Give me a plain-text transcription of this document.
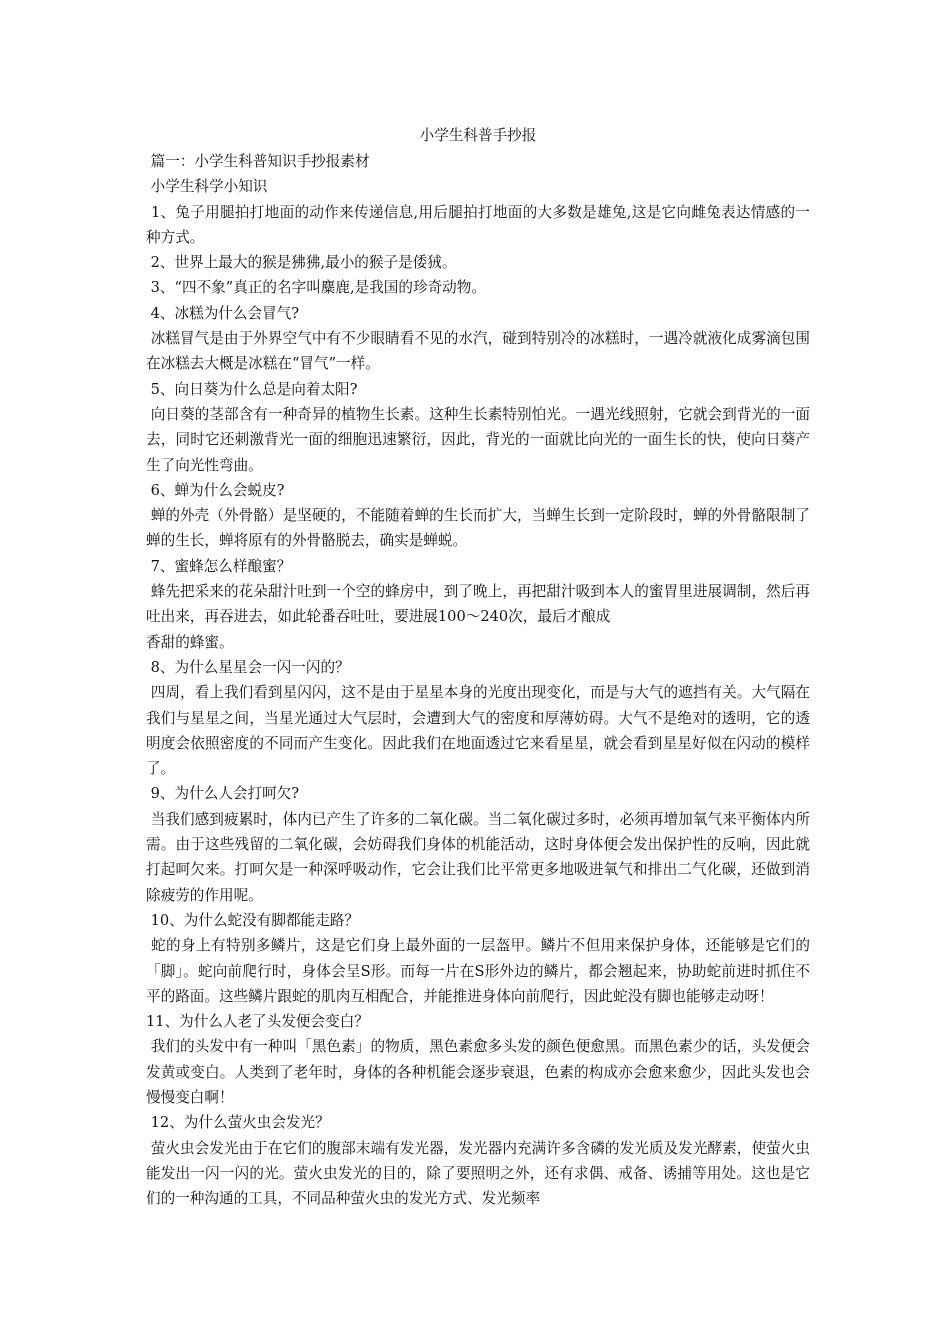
小学生科普手抄报

篇一：小学生科普知识手抄报素材

小学生科学小知识

1、兔子用腿拍打地面的动作来传递信息,用后腿拍打地面的大多数是雄兔,这是它向雌兔表达情感的一种方式。

2、世界上最大的猴是狒狒,最小的猴子是倭狨。

3、“四不象”真正的名字叫麋鹿,是我国的珍奇动物。

4、冰糕为什么会冒气?

冰糕冒气是由于外界空气中有不少眼睛看不见的水汽，碰到特别冷的冰糕时，一遇冷就液化成雾滴包围在冰糕去大概是冰糕在“冒气”一样。

5、向日葵为什么总是向着太阳?

向日葵的茎部含有一种奇异的植物生长素。这种生长素特别怕光。一遇光线照射，它就会到背光的一面去，同时它还刺激背光一面的细胞迅速繁衍，因此，背光的一面就比向光的一面生长的快，使向日葵产生了向光性弯曲。

6、蝉为什么会蜕皮?

蝉的外壳（外骨骼）是坚硬的，不能随着蝉的生长而扩大，当蝉生长到一定阶段时，蝉的外骨骼限制了蝉的生长，蝉将原有的外骨骼脱去，确实是蝉蜕。

7、蜜蜂怎么样酿蜜？

蜂先把采来的花朵甜汁吐到一个空的蜂房中，到了晚上，再把甜汁吸到本人的蜜胃里进展调制，然后再吐出来，再吞进去，如此轮番吞吐吐，要进展100～240次，最后才酿成

香甜的蜂蜜。

8、为什么星星会一闪一闪的？

四周，看上我们看到星闪闪，这不是由于星星本身的光度出现变化，而是与大气的遮挡有关。大气隔在我们与星星之间，当星光通过大气层时，会遭到大气的密度和厚薄妨碍。大气不是绝对的透明，它的透明度会依照密度的不同而产生变化。因此我们在地面透过它来看星星，就会看到星星好似在闪动的模样了。

9、为什么人会打呵欠?

当我们感到疲累时，体内已产生了许多的二氧化碳。当二氧化碳过多时，必须再增加氧气来平衡体内所需。由于这些残留的二氧化碳，会妨碍我们身体的机能活动，这时身体便会发出保护性的反响，因此就打起呵欠来。打呵欠是一种深呼吸动作，它会让我们比平常更多地吸进氧气和排出二气化碳，还做到消除疲劳的作用呢。

10、为什么蛇没有脚都能走路？

蛇的身上有特别多鳞片，这是它们身上最外面的一层盔甲。鳞片不但用来保护身体，还能够是它们的「脚」。蛇向前爬行时，身体会呈S形。而每一片在S形外边的鳞片，都会翘起来，协助蛇前进时抓住不平的路面。这些鳞片跟蛇的肌肉互相配合，并能推进身体向前爬行，因此蛇没有脚也能够走动呀！

11、为什么人老了头发便会变白？

我们的头发中有一种叫「黑色素」的物质，黑色素愈多头发的颜色便愈黑。而黑色素少的话，头发便会发黄或变白。人类到了老年时，身体的各种机能会逐步衰退，色素的构成亦会愈来愈少，因此头发也会慢慢变白啊！

12、为什么萤火虫会发光？

萤火虫会发光由于在它们的腹部末端有发光器，发光器内充满许多含磷的发光质及发光酵素，使萤火虫能发出一闪一闪的光。萤火虫发光的目的，除了要照明之外，还有求偶、戒备、诱捕等用处。这也是它们的一种沟通的工具，不同品种萤火虫的发光方式、发光频率
